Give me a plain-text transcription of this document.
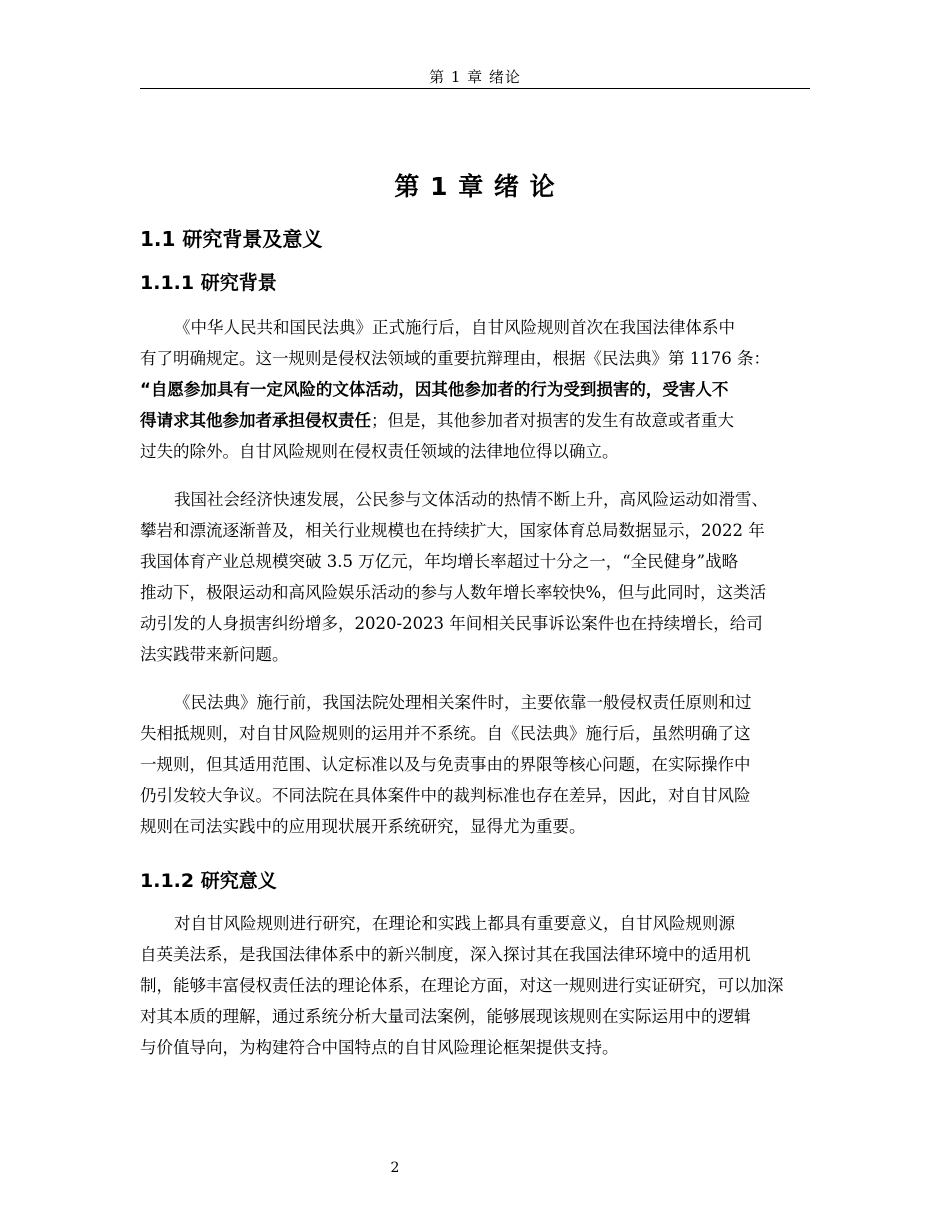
第 1 章 绪论
第 1 章 绪 论
1.1 研究背景及意义
1.1.1 研究背景
《中华人民共和国民法典》正式施行后，自甘风险规则首次在我国法律体系中
有了明确规定。这一规则是侵权法领域的重要抗辩理由，根据《民法典》第 1176 条：
“自愿参加具有一定风险的文体活动，因其他参加者的行为受到损害的，受害人不
得请求其他参加者承担侵权责任；但是，其他参加者对损害的发生有故意或者重大
过失的除外。自甘风险规则在侵权责任领域的法律地位得以确立。
我国社会经济快速发展，公民参与文体活动的热情不断上升，高风险运动如滑雪、
攀岩和漂流逐渐普及，相关行业规模也在持续扩大，国家体育总局数据显示，2022 年
我国体育产业总规模突破 3.5 万亿元，年均增长率超过十分之一，“全民健身”战略
推动下，极限运动和高风险娱乐活动的参与人数年增长率较快%，但与此同时，这类活
动引发的人身损害纠纷增多，2020-2023 年间相关民事诉讼案件也在持续增长，给司
法实践带来新问题。
《民法典》施行前，我国法院处理相关案件时，主要依靠一般侵权责任原则和过
失相抵规则，对自甘风险规则的运用并不系统。自《民法典》施行后，虽然明确了这
一规则，但其适用范围、认定标准以及与免责事由的界限等核心问题，在实际操作中
仍引发较大争议。不同法院在具体案件中的裁判标准也存在差异，因此，对自甘风险
规则在司法实践中的应用现状展开系统研究，显得尤为重要。
1.1.2 研究意义
对自甘风险规则进行研究，在理论和实践上都具有重要意义，自甘风险规则源
自英美法系，是我国法律体系中的新兴制度，深入探讨其在我国法律环境中的适用机
制，能够丰富侵权责任法的理论体系，在理论方面，对这一规则进行实证研究，可以加深
对其本质的理解，通过系统分析大量司法案例，能够展现该规则在实际运用中的逻辑
与价值导向，为构建符合中国特点的自甘风险理论框架提供支持。
2
